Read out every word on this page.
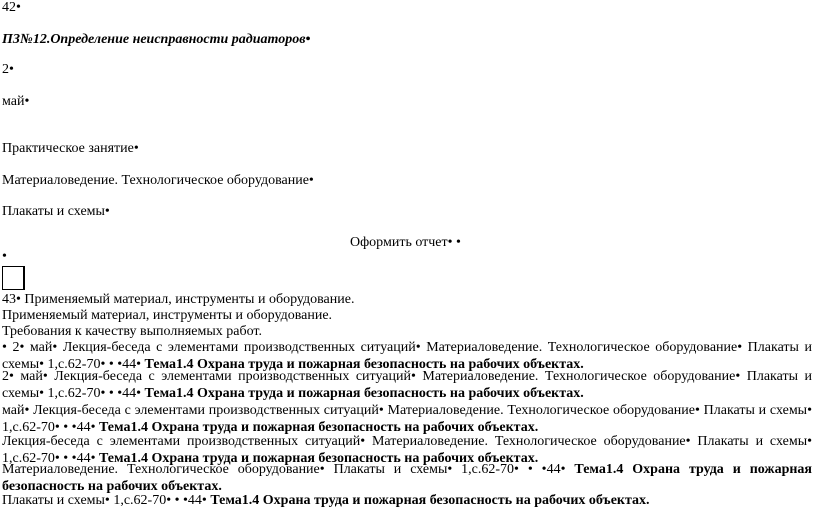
42•
ПЗ№12.Определение неисправности радиаторов•
2•
май•
Практическое занятие•
Материаловедение. Технологическое оборудование•
Плакаты и схемы•
Оформить отчет• •
•
43• Применяемый материал, инструменты и оборудование.
Применяемый материал, инструменты и оборудование.
Требования к качеству выполняемых работ.
• 2• май• Лекция-беседа с элементами производственных ситуаций• Материаловедение. Технологическое оборудование• Плакаты и схемы• 1,с.62-70• • •44• Тема1.4 Охрана труда и пожарная безопасность на рабочих объектах.
2• май• Лекция-беседа с элементами производственных ситуаций• Материаловедение. Технологическое оборудование• Плакаты и схемы• 1,с.62-70• • •44• Тема1.4 Охрана труда и пожарная безопасность на рабочих объектах.
май• Лекция-беседа с элементами производственных ситуаций• Материаловедение. Технологическое оборудование• Плакаты и схемы• 1,с.62-70• • •44• Тема1.4 Охрана труда и пожарная безопасность на рабочих объектах.
Лекция-беседа с элементами производственных ситуаций• Материаловедение. Технологическое оборудование• Плакаты и схемы• 1,с.62-70• • •44• Тема1.4 Охрана труда и пожарная безопасность на рабочих объектах.
Материаловедение. Технологическое оборудование• Плакаты и схемы• 1,с.62-70• • •44• Тема1.4 Охрана труда и пожарная безопасность на рабочих объектах.
Плакаты и схемы• 1,с.62-70• • •44• Тема1.4 Охрана труда и пожарная безопасность на рабочих объектах.
